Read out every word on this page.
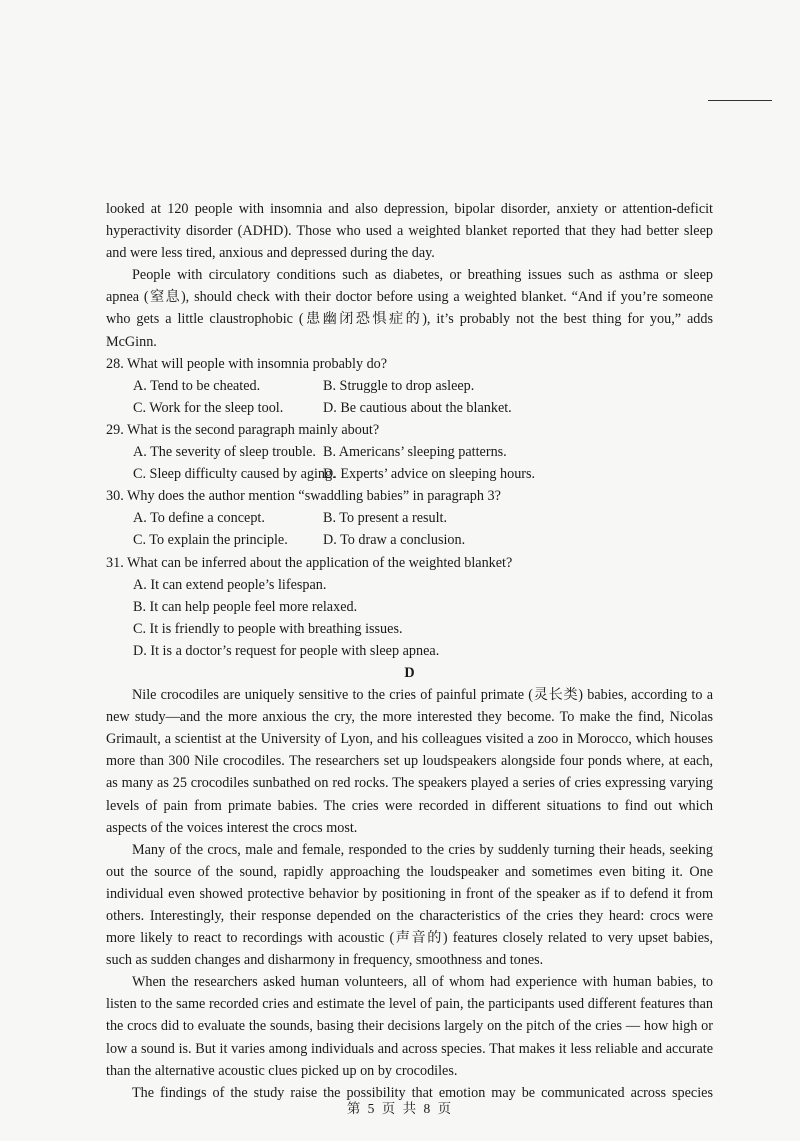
looked at 120 people with insomnia and also depression, bipolar disorder, anxiety or attention-deficit
hyperactivity disorder (ADHD). Those who used a weighted blanket reported that they had better sleep
and were less tired, anxious and depressed during the day.
People with circulatory conditions such as diabetes, or breathing issues such as asthma or sleep
apnea (窒息), should check with their doctor before using a weighted blanket. “And if you’re someone
who gets a little claustrophobic (患幽闭恐惧症的), it’s probably not the best thing for you,” adds
McGinn.
28. What will people with insomnia probably do?
A. Tend to be cheated.	B. Struggle to drop asleep.
C. Work for the sleep tool.	D. Be cautious about the blanket.
29. What is the second paragraph mainly about?
A. The severity of sleep trouble. B. Americans’ sleeping patterns.
C. Sleep difficulty caused by aging.
D. Experts’ advice on sleeping hours.
30. Why does the author mention “swaddling babies” in paragraph 3?
A. To define a concept.	B. To present a result.
C. To explain the principle.	D. To draw a conclusion.
31. What can be inferred about the application of the weighted blanket?
A. It can extend people’s lifespan.
B. It can help people feel more relaxed.
C. It is friendly to people with breathing issues.
D. It is a doctor’s request for people with sleep apnea.
D
Nile crocodiles are uniquely sensitive to the cries of painful primate (灵长类) babies, according to a
new study—and the more anxious the cry, the more interested they become. To make the find, Nicolas
Grimault, a scientist at the University of Lyon, and his colleagues visited a zoo in Morocco, which houses
more than 300 Nile crocodiles. The researchers set up loudspeakers alongside four ponds where, at each,
as many as 25 crocodiles sunbathed on red rocks. The speakers played a series of cries expressing varying
levels of pain from primate babies. The cries were recorded in different situations to find out which
aspects of the voices interest the crocs most.
Many of the crocs, male and female, responded to the cries by suddenly turning their heads, seeking
out the source of the sound, rapidly approaching the loudspeaker and sometimes even biting it. One
individual even showed protective behavior by positioning in front of the speaker as if to defend it from
others. Interestingly, their response depended on the characteristics of the cries they heard: crocs were
more likely to react to recordings with acoustic (声音的) features closely related to very upset babies,
such as sudden changes and disharmony in frequency, smoothness and tones.
When the researchers asked human volunteers, all of whom had experience with human babies, to
listen to the same recorded cries and estimate the level of pain, the participants used different features than
the crocs did to evaluate the sounds, basing their decisions largely on the pitch of the cries — how high or
low a sound is. But it varies among individuals and across species. That makes it less reliable and accurate
than the alternative acoustic clues picked up on by crocodiles.
The findings of the study raise the possibility that emotion may be communicated across species
第 5 页 共 8 页
